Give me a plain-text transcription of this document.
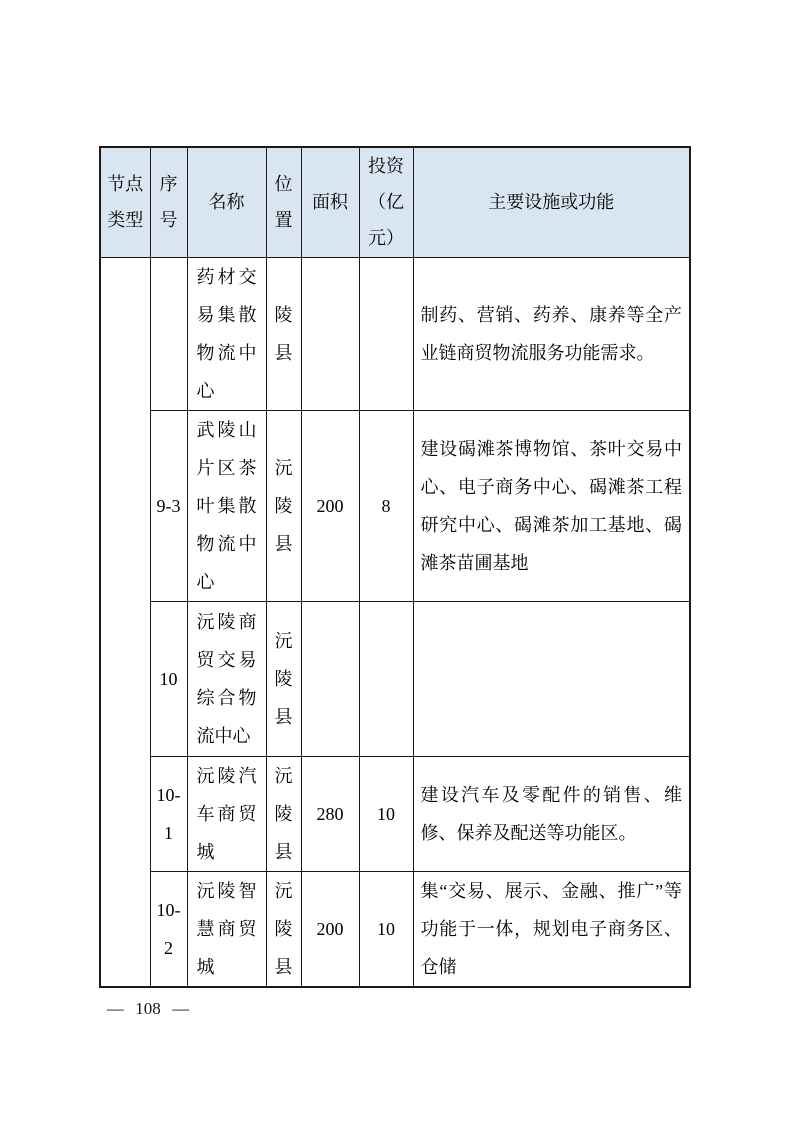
节点类型	序号	名称	位置	面积	投资（亿元）	主要设施或功能
		药材交易集散物流中心	陵县			制药、营销、药养、康养等全产业链商贸物流服务功能需求。
	9-3	武陵山片区茶叶集散物流中心	沅陵县	200	8	建设碣滩茶博物馆、茶叶交易中心、电子商务中心、碣滩茶工程研究中心、碣滩茶加工基地、碣滩茶苗圃基地
	10	沅陵商贸交易综合物流中心	沅陵县			
	10-1	沅陵汽车商贸城	沅陵县	280	10	建设汽车及零配件的销售、维修、保养及配送等功能区。
	10-2	沅陵智慧商贸城	沅陵县	200	10	集“交易、展示、金融、推广”等功能于一体，规划电子商务区、仓储
— 108 —
